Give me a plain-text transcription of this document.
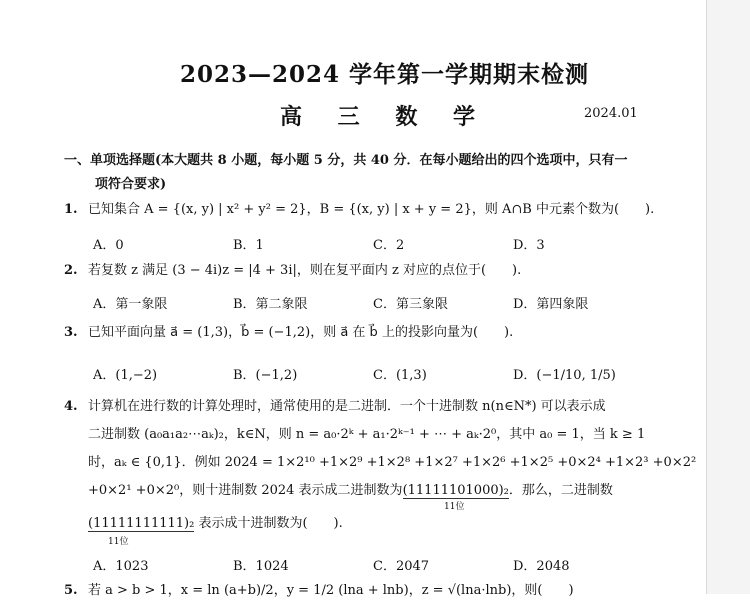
2023—2024 学年第一学期期末检测
高 三 数 学	2024.01
一、单项选择题(本大题共 8 小题，每小题 5 分，共 40 分．在每小题给出的四个选项中，只有一
项符合要求)
1. 已知集合 A = {(x, y) | x² + y² = 2}，B = {(x, y) | x + y = 2}，则 A∩B 中元素个数为(　　).
A．0	B．1	C．2	D．3
2. 若复数 z 满足 (3 − 4i)z = |4 + 3i|，则在复平面内 z 对应的点位于(　　).
A．第一象限	B．第二象限	C．第三象限	D．第四象限
3. 已知平面向量 a⃗ = (1,3)，b⃗ = (−1,2)，则 a⃗ 在 b⃗ 上的投影向量为(　　).
A．(1,−2)	B．(−1,2)	C．(1,3)	D．(−1/10, 1/5)
4. 计算机在进行数的计算处理时，通常使用的是二进制．一个十进制数 n(n∈N*) 可以表示成
二进制数 (a₀a₁a₂⋯aₖ)₂，k∈N，则 n = a₀·2ᵏ + a₁·2ᵏ⁻¹ + ⋯ + aₖ·2⁰，其中 a₀ = 1，当 k ≥ 1
时，aₖ ∈ {0,1}．例如 2024 = 1×2¹⁰ +1×2⁹ +1×2⁸ +1×2⁷ +1×2⁶ +1×2⁵ +0×2⁴ +1×2³ +0×2²
+0×2¹ +0×2⁰，则十进制数 2024 表示成二进制数为(11111101000)₂．那么，二进制数
11位
(11111111111)₂ 表示成十进制数为(　　).
11位
A．1023	B．1024	C．2047	D．2048
5. 若 a > b > 1，x = ln (a+b)/2，y = 1/2 (lna + lnb)，z = √(lna·lnb)，则(　　)
